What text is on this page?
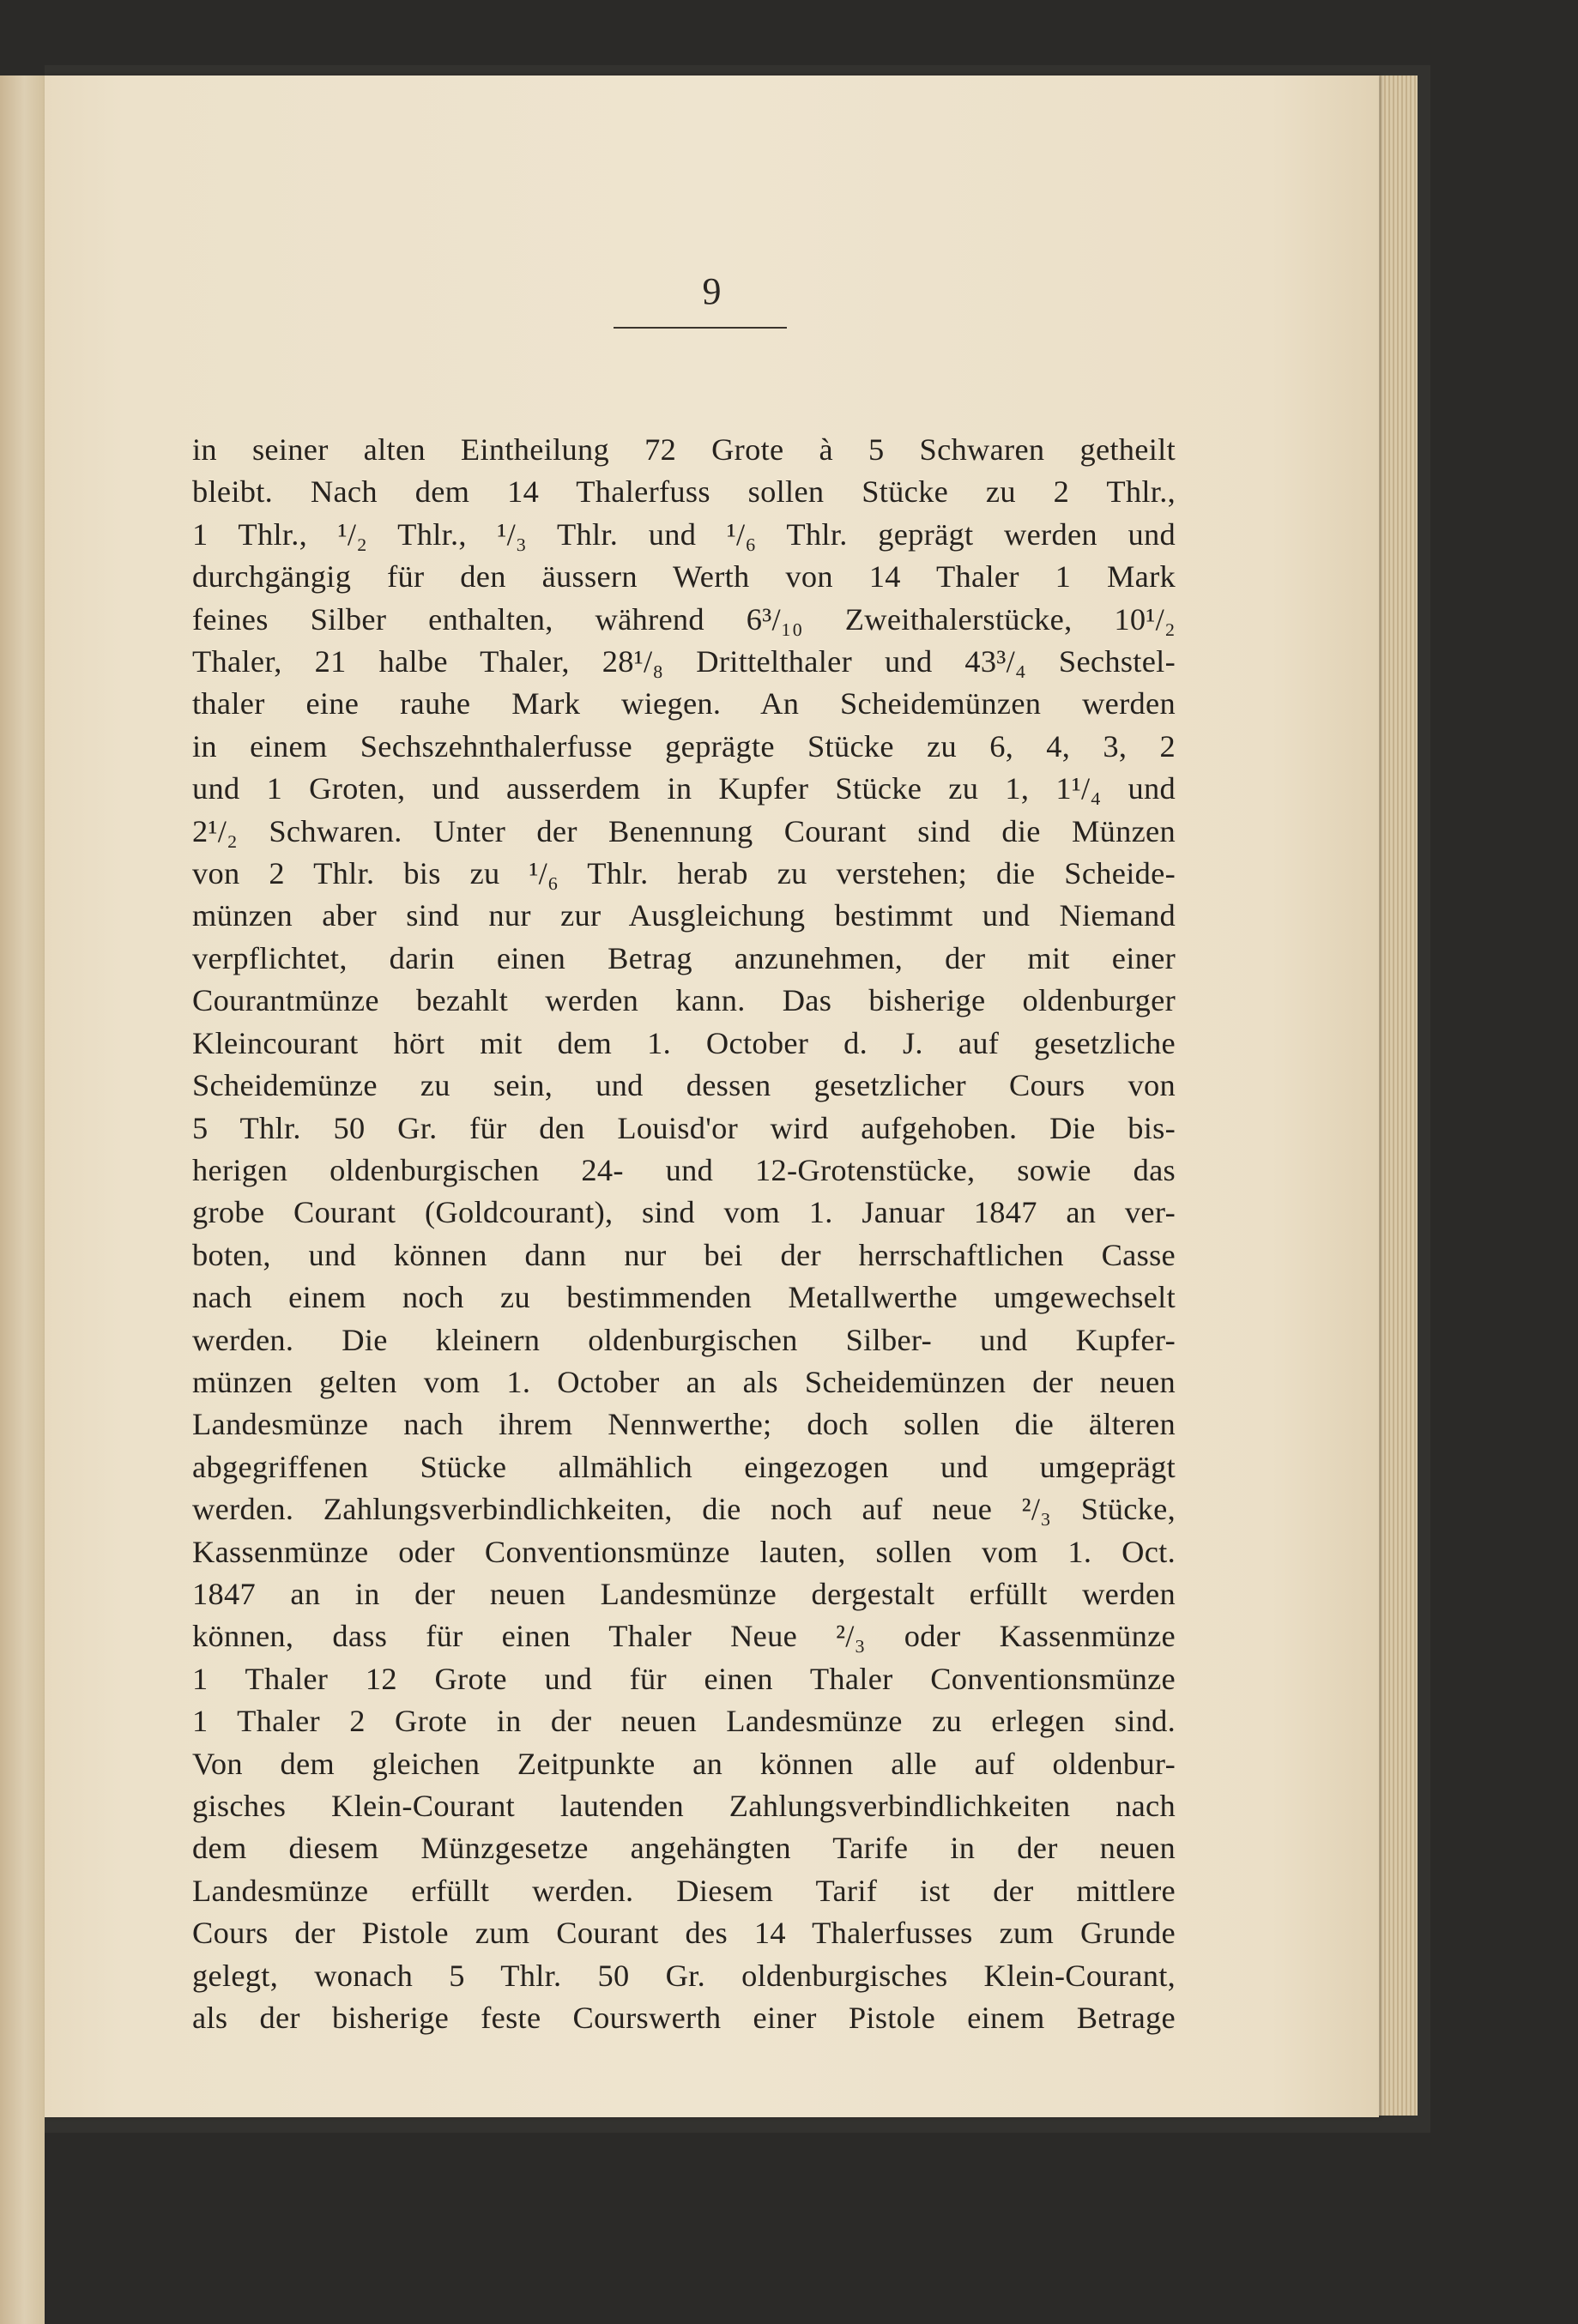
9

in seiner alten Eintheilung 72 Grote à 5 Schwaren getheilt
bleibt. Nach dem 14 Thalerfuss sollen Stücke zu 2 Thlr.,
1 Thlr., ¹/₂ Thlr., ¹/₃ Thlr. und ¹/₆ Thlr. geprägt werden und
durchgängig für den äussern Werth von 14 Thaler 1 Mark
feines Silber enthalten, während 6³/₁₀ Zweithalerstücke, 10¹/₂
Thaler, 21 halbe Thaler, 28¹/₈ Drittelthaler und 43³/₄ Sechstel-
thaler eine rauhe Mark wiegen. An Scheidemünzen werden
in einem Sechszehnthalerfusse geprägte Stücke zu 6, 4, 3, 2
und 1 Groten, und ausserdem in Kupfer Stücke zu 1, 1¹/₄ und
2¹/₂ Schwaren. Unter der Benennung Courant sind die Münzen
von 2 Thlr. bis zu ¹/₆ Thlr. herab zu verstehen; die Scheide-
münzen aber sind nur zur Ausgleichung bestimmt und Niemand
verpflichtet, darin einen Betrag anzunehmen, der mit einer
Courantmünze bezahlt werden kann. Das bisherige oldenburger
Kleincourant hört mit dem 1. October d. J. auf gesetzliche
Scheidemünze zu sein, und dessen gesetzlicher Cours von
5 Thlr. 50 Gr. für den Louisd'or wird aufgehoben. Die bis-
herigen oldenburgischen 24- und 12-Grotenstücke, sowie das
grobe Courant (Goldcourant), sind vom 1. Januar 1847 an ver-
boten, und können dann nur bei der herrschaftlichen Casse
nach einem noch zu bestimmenden Metallwerthe umgewechselt
werden. Die kleinern oldenburgischen Silber- und Kupfer-
münzen gelten vom 1. October an als Scheidemünzen der neuen
Landesmünze nach ihrem Nennwerthe; doch sollen die älteren
abgegriffenen Stücke allmählich eingezogen und umgeprägt
werden. Zahlungsverbindlichkeiten, die noch auf neue ²/₃ Stücke,
Kassenmünze oder Conventionsmünze lauten, sollen vom 1. Oct.
1847 an in der neuen Landesmünze dergestalt erfüllt werden
können, dass für einen Thaler Neue ²/₃ oder Kassenmünze
1 Thaler 12 Grote und für einen Thaler Conventionsmünze
1 Thaler 2 Grote in der neuen Landesmünze zu erlegen sind.
Von dem gleichen Zeitpunkte an können alle auf oldenbur-
gisches Klein-Courant lautenden Zahlungsverbindlichkeiten nach
dem diesem Münzgesetze angehängten Tarife in der neuen
Landesmünze erfüllt werden. Diesem Tarif ist der mittlere
Cours der Pistole zum Courant des 14 Thalerfusses zum Grunde
gelegt, wonach 5 Thlr. 50 Gr. oldenburgisches Klein-Courant,
als der bisherige feste Courswerth einer Pistole einem Betrage
